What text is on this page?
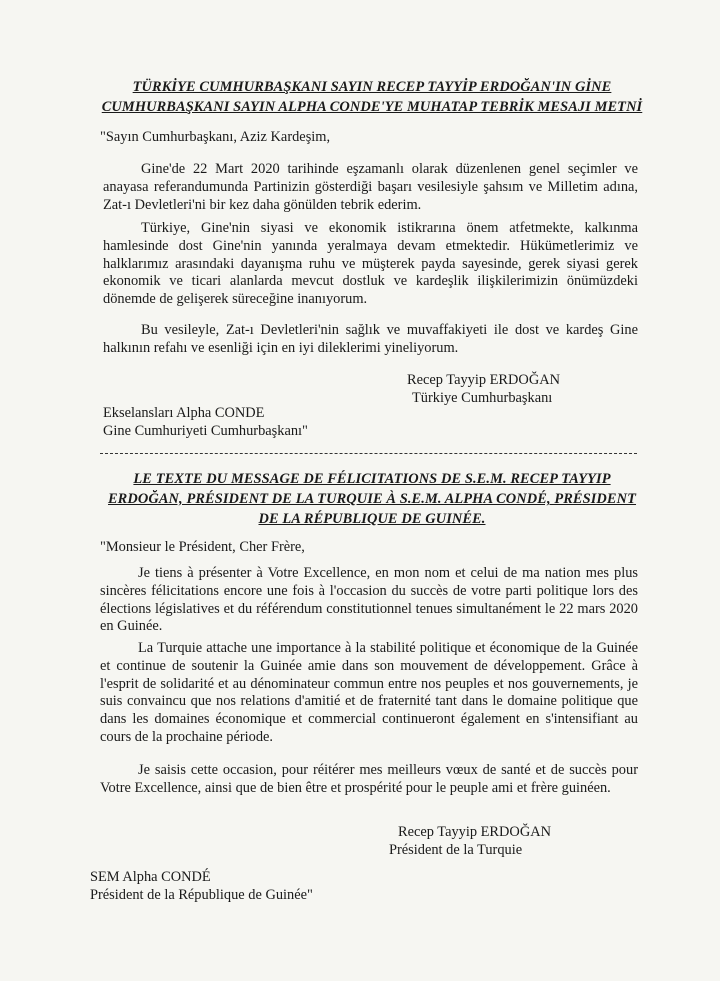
TÜRKİYE CUMHURBAŞKANI SAYIN RECEP TAYYİP ERDOĞAN'IN GİNE
CUMHURBAŞKANI SAYIN ALPHA CONDE'YE MUHATAP TEBRİK MESAJI METNİ
"Sayın Cumhurbaşkanı, Aziz Kardeşim,
Gine'de 22 Mart 2020 tarihinde eşzamanlı olarak düzenlenen genel seçimler ve anayasa referandumunda Partinizin gösterdiği başarı vesilesiyle şahsım ve Milletim adına, Zat-ı Devletleri'ni bir kez daha gönülden tebrik ederim.
Türkiye, Gine'nin siyasi ve ekonomik istikrarına önem atfetmekte, kalkınma hamlesinde dost Gine'nin yanında yeralmaya devam etmektedir. Hükümetlerimiz ve halklarımız arasındaki dayanışma ruhu ve müşterek payda sayesinde, gerek siyasi gerek ekonomik ve ticari alanlarda mevcut dostluk ve kardeşlik ilişkilerimizin önümüzdeki dönemde de gelişerek süreceğine inanıyorum.
Bu vesileyle, Zat-ı Devletleri'nin sağlık ve muvaffakiyeti ile dost ve kardeş Gine halkının refahı ve esenliği için en iyi dileklerimi yineliyorum.
Recep Tayyip ERDOĞAN
Türkiye Cumhurbaşkanı
Ekselansları Alpha CONDE
Gine Cumhuriyeti Cumhurbaşkanı"
LE TEXTE DU MESSAGE DE FÉLICITATIONS DE S.E.M. RECEP TAYYIP
ERDOĞAN, PRÉSIDENT DE LA TURQUIE À S.E.M. ALPHA CONDÉ, PRÉSIDENT
DE LA RÉPUBLIQUE DE GUINÉE.
"Monsieur le Président, Cher Frère,
Je tiens à présenter à Votre Excellence, en mon nom et celui de ma nation mes plus sincères félicitations encore une fois à l'occasion du succès de votre parti politique lors des élections législatives et du référendum constitutionnel tenues simultanément le 22 mars 2020 en Guinée.
La Turquie attache une importance à la stabilité politique et économique de la Guinée et continue de soutenir la Guinée amie dans son mouvement de développement. Grâce à l'esprit de solidarité et au dénominateur commun entre nos peuples et nos gouvernements, je suis convaincu que nos relations d'amitié et de fraternité tant dans le domaine politique que dans les domaines économique et commercial continueront également en s'intensifiant au cours de la prochaine période.
Je saisis cette occasion, pour réitérer mes meilleurs vœux de santé et de succès pour Votre Excellence, ainsi que de bien être et prospérité pour le peuple ami et frère guinéen.
Recep Tayyip ERDOĞAN
Président de la Turquie
SEM Alpha CONDÉ
Président de la République de Guinée"
